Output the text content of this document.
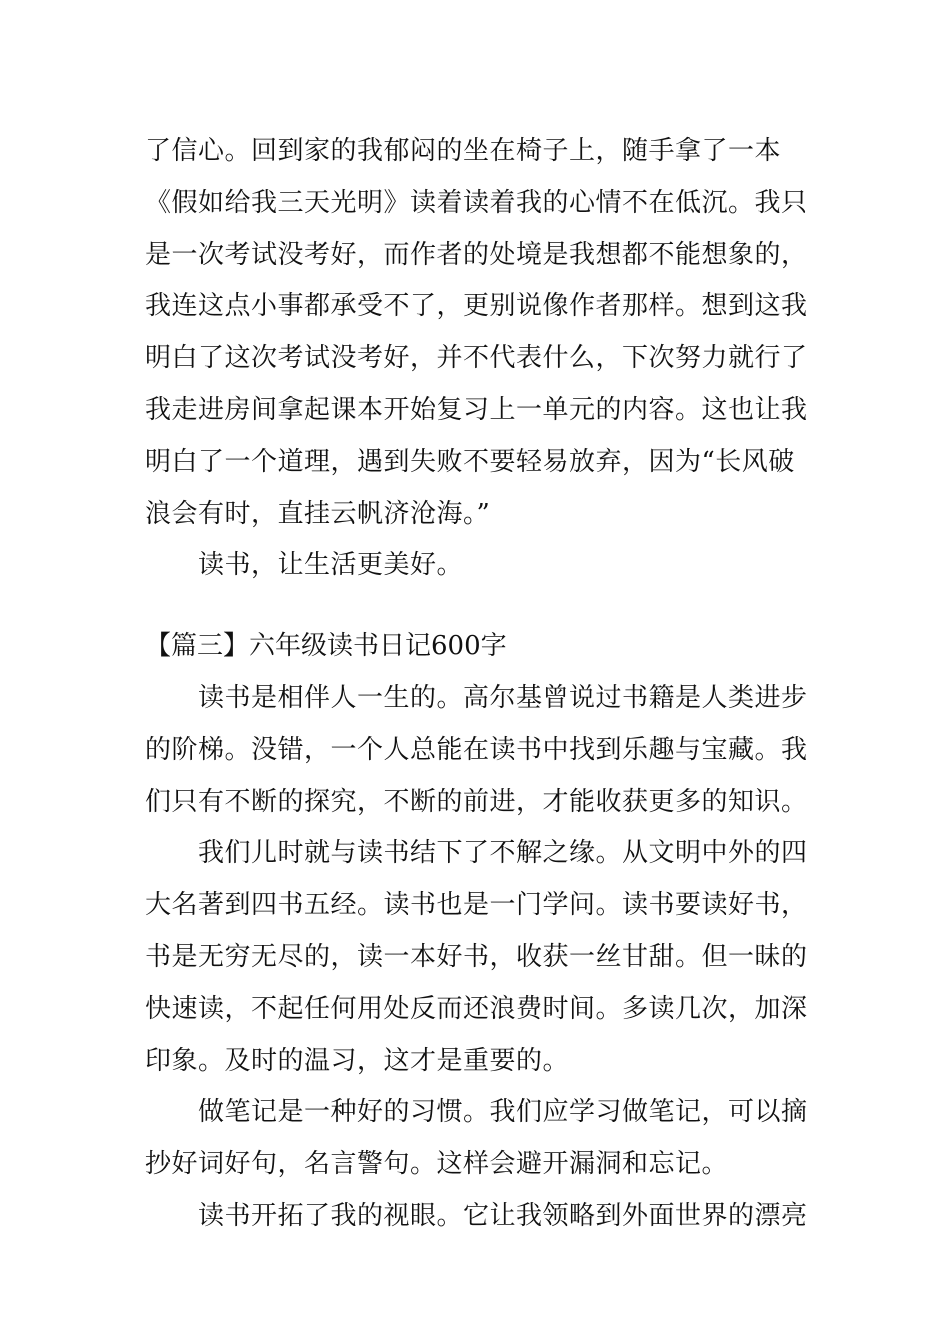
了信心。回到家的我郁闷的坐在椅子上，随手拿了一本
《假如给我三天光明》读着读着我的心情不在低沉。我只
是一次考试没考好，而作者的处境是我想都不能想象的，
我连这点小事都承受不了，更别说像作者那样。想到这我
明白了这次考试没考好，并不代表什么，下次努力就行了
我走进房间拿起课本开始复习上一单元的内容。这也让我
明白了一个道理，遇到失败不要轻易放弃，因为“长风破
浪会有时，直挂云帆济沧海。”
读书，让生活更美好。
【篇三】六年级读书日记600字
读书是相伴人一生的。高尔基曾说过书籍是人类进步
的阶梯。没错，一个人总能在读书中找到乐趣与宝藏。我
们只有不断的探究，不断的前进，才能收获更多的知识。
我们儿时就与读书结下了不解之缘。从文明中外的四
大名著到四书五经。读书也是一门学问。读书要读好书，
书是无穷无尽的，读一本好书，收获一丝甘甜。但一昧的
快速读，不起任何用处反而还浪费时间。多读几次，加深
印象。及时的温习，这才是重要的。
做笔记是一种好的习惯。我们应学习做笔记，可以摘
抄好词好句，名言警句。这样会避开漏洞和忘记。
读书开拓了我的视眼。它让我领略到外面世界的漂亮
